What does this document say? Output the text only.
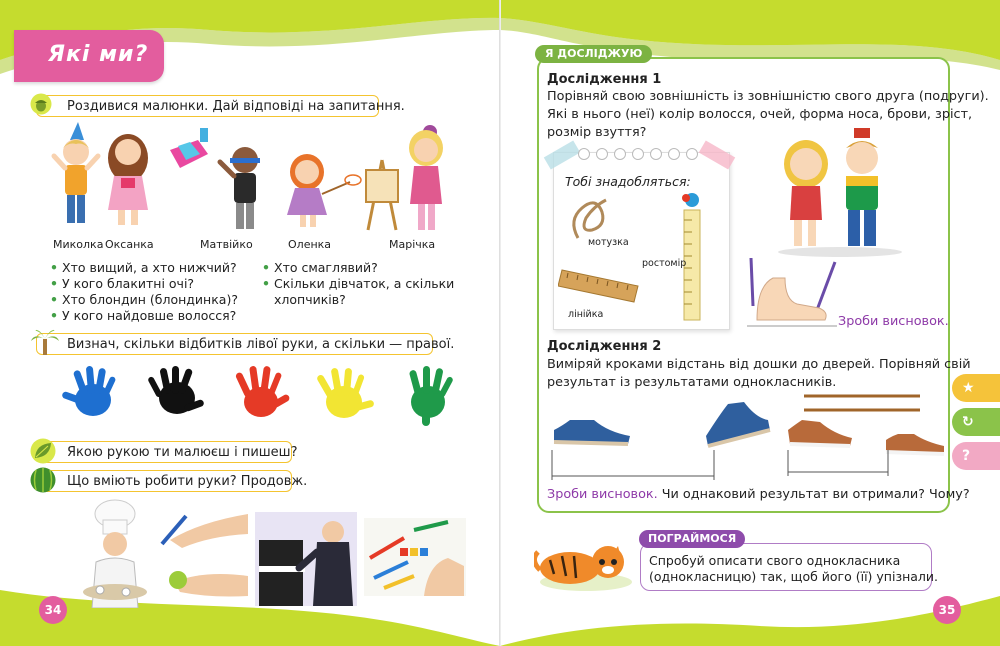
Які ми?
Роздивися малюнки. Дай відповіді на запитання.
Миколка Оксанка	Матвійко	Оленка	Марічка
• Хто вищий, а хто нижчий?
• У кого блакитні очі?
• Хто блондин (блондинка)?
• У кого найдовше волосся?
• Хто смаглявий?
• Скільки дівчаток, а скільки
хлопчиків?
Визнач, скільки відбитків лівої руки, а скільки — правої.
Якою рукою ти малюєш і пишеш?
Що вміють робити руки? Продовж.
34
Я ДОСЛІДЖУЮ
Дослідження 1
Порівняй свою зовнішність із зовнішністю свого друга (подруги).
Які в нього (неї) колір волосся, очей, форма носа, брови, зріст,
розмір взуття?
Тобі знадобляться:
мотузка
ростомір
лінійка	Зроби висновок.
Дослідження 2
Виміряй кроками відстань від дошки до дверей. Порівняй свій
результат із результатами однокласників.
Зроби висновок. Чи однаковий результат ви отримали? Чому?
ПОГРАЙМОСЯ
Спробуй описати свого однокласника
(однокласницю) так, щоб його (її) упізнали.
35
★
↻
?
